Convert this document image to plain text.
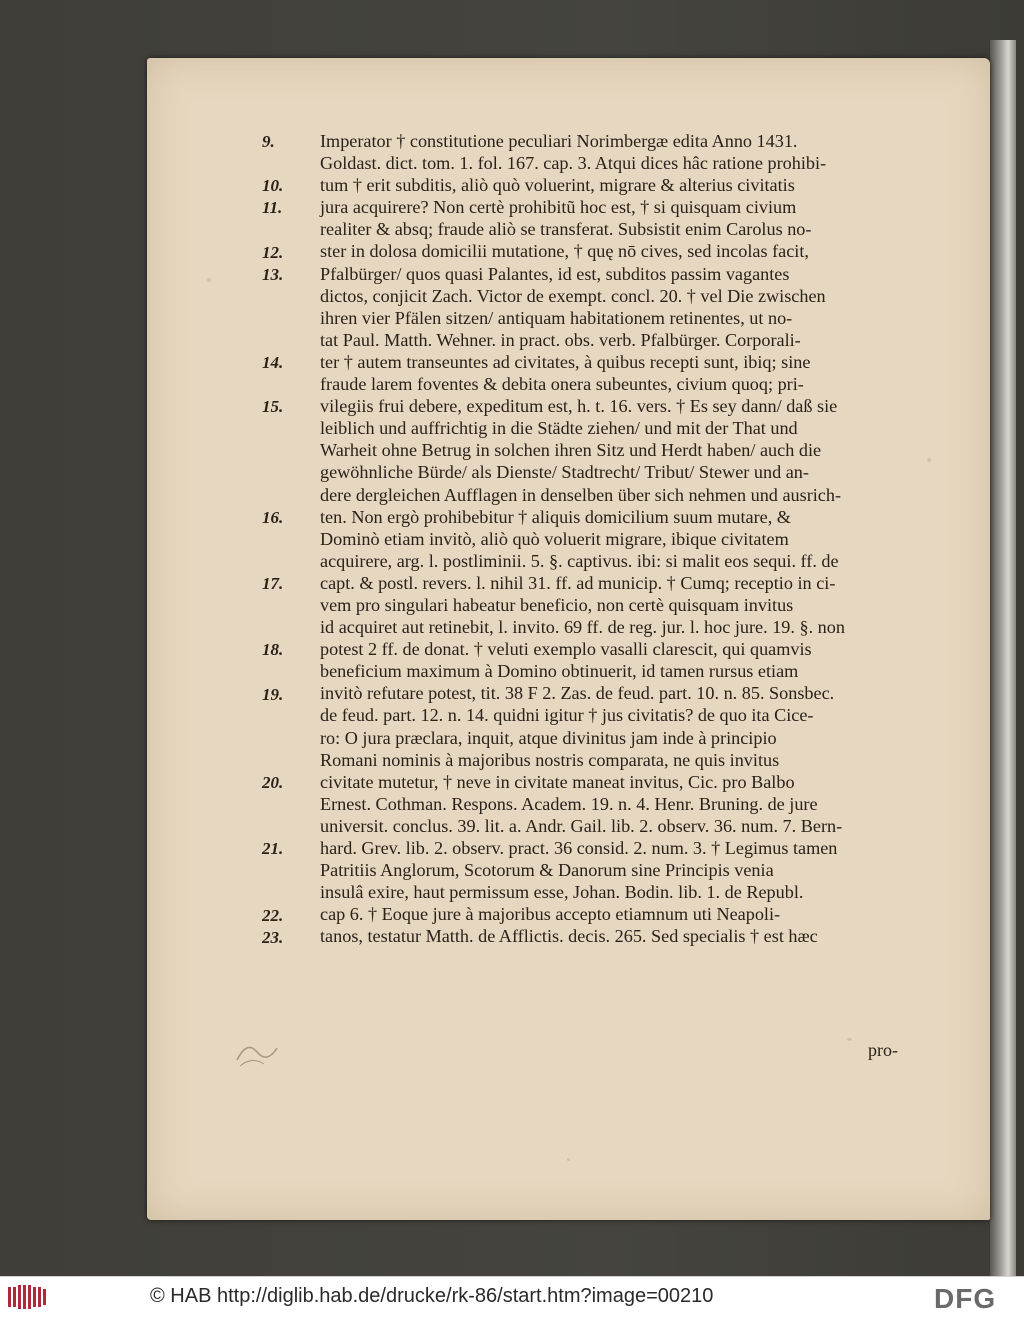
9.
10.
11.
12.
13.
14.
15.
16.
17.
18.
19.
20.
21.
22.
23.
Imperator † constitutione peculiari Norimbergæ edita Anno 1431.
Goldast. dict. tom. 1. fol. 167. cap. 3. Atqui dices hâc ratione prohibi-
tum † erit subditis, aliò quò voluerint, migrare & alterius civitatis
jura acquirere? Non certè prohibitũ hoc est, † si quisquam civium
realiter & absq; fraude aliò se transferat. Subsistit enim Carolus no-
ster in dolosa domicilii mutatione, † quę nō cives, sed incolas facit,
Pfalbürger/ quos quasi Palantes, id est, subditos passim vagantes
dictos, conjicit Zach. Victor de exempt. concl. 20. † vel Die zwischen
ihren vier Pfälen sitzen/ antiquam habitationem retinentes, ut no-
tat Paul. Matth. Wehner. in pract. obs. verb. Pfalbürger. Corporali-
ter † autem transeuntes ad civitates, à quibus recepti sunt, ibiq; sine
fraude larem foventes & debita onera subeuntes, civium quoq; pri-
vilegiis frui debere, expeditum est, h. t. 16. vers. † Es sey dann/ daß sie
leiblich und auffrichtig in die Städte ziehen/ und mit der That und
Warheit ohne Betrug in solchen ihren Sitz und Herdt haben/ auch die
gewöhnliche Bürde/ als Dienste/ Stadtrecht/ Tribut/ Stewer und an-
dere dergleichen Aufflagen in denselben über sich nehmen und ausrich-
ten. Non ergò prohibebitur † aliquis domicilium suum mutare, &
Dominò etiam invitò, aliò quò voluerit migrare, ibique civitatem
acquirere, arg. l. postliminii. 5. §. captivus. ibi: si malit eos sequi. ff. de
capt. & postl. revers. l. nihil 31. ff. ad municip. † Cumq; receptio in ci-
vem pro singulari habeatur beneficio, non certè quisquam invitus
id acquiret aut retinebit, l. invito. 69 ff. de reg. jur. l. hoc jure. 19. §. non
potest 2 ff. de donat. † veluti exemplo vasalli clarescit, qui quamvis
beneficium maximum à Domino obtinuerit, id tamen rursus etiam
invitò refutare potest, tit. 38 F 2. Zas. de feud. part. 10. n. 85. Sonsbec.
de feud. part. 12. n. 14. quidni igitur † jus civitatis? de quo ita Cice-
ro: O jura præclara, inquit, atque divinitus jam inde à principio
Romani nominis à majoribus nostris comparata, ne quis invitus
civitate mutetur, † neve in civitate maneat invitus, Cic. pro Balbo
Ernest. Cothman. Respons. Academ. 19. n. 4. Henr. Bruning. de jure
universit. conclus. 39. lit. a. Andr. Gail. lib. 2. observ. 36. num. 7. Bern-
hard. Grev. lib. 2. observ. pract. 36 consid. 2. num. 3. † Legimus tamen
Patritiis Anglorum, Scotorum & Danorum sine Principis venia
insulâ exire, haut permissum esse, Johan. Bodin. lib. 1. de Republ.
cap 6. † Eoque jure à majoribus accepto etiamnum uti Neapoli-
tanos, testatur Matth. de Afflictis. decis. 265. Sed specialis † est hæc
pro-
© HAB http://diglib.hab.de/drucke/rk-86/start.htm?image=00210	DFG
